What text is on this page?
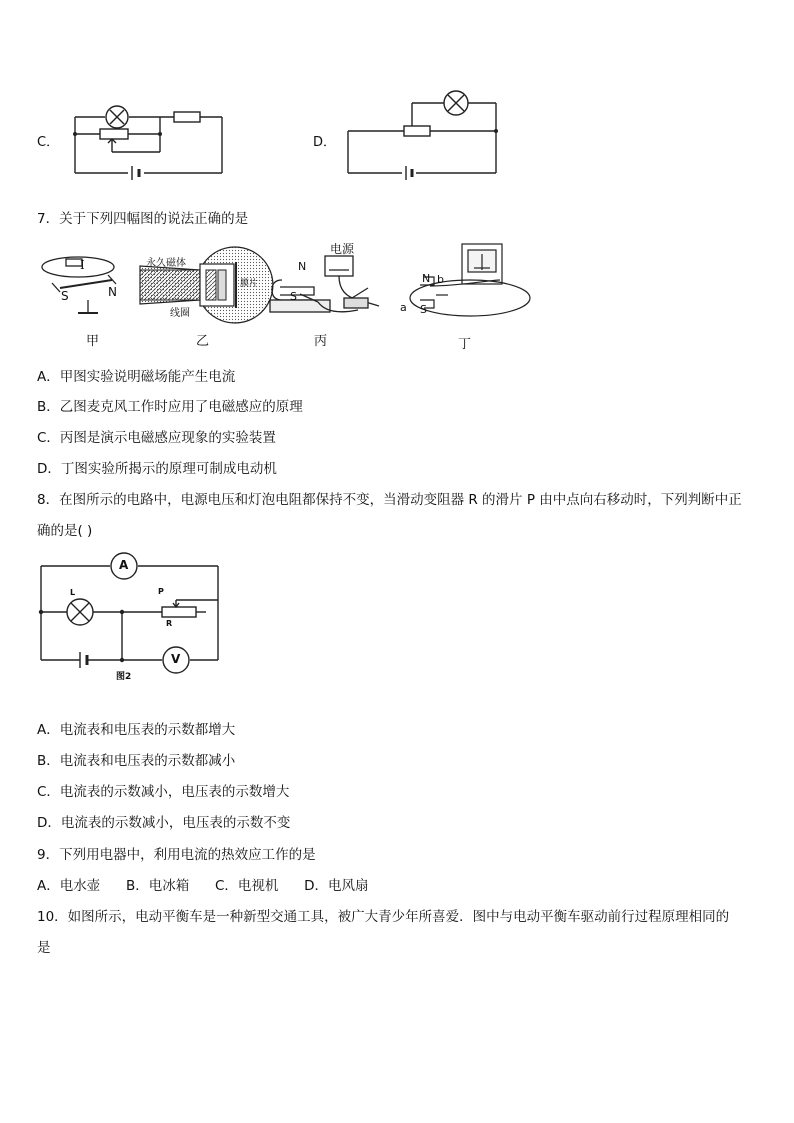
C．	D．
7．关于下列四幅图的说法正确的是
I
S	N
甲
永久磁体
膜片
线圈
乙
电源
N
S
丙
N b
a S
丁
A．甲图实验说明磁场能产生电流
B．乙图麦克风工作时应用了电磁感应的原理
C．丙图是演示电磁感应现象的实验装置
D．丁图实验所揭示的原理可制成电动机
8．在图所示的电路中，电源电压和灯泡电阻都保持不变，当滑动变阻器 R 的滑片 P 由中点向右移动时，下列判断中正
确的是( )
A
V
L	P
R
图2
A．电流表和电压表的示数都增大
B．电流表和电压表的示数都减小
C．电流表的示数减小，电压表的示数增大
D．电流表的示数减小，电压表的示数不变
9．下列用电器中，利用电流的热效应工作的是
A．电水壶      B．电冰箱      C．电视机      D．电风扇
10．如图所示，电动平衡车是一种新型交通工具，被广大青少年所喜爱．图中与电动平衡车驱动前行过程原理相同的
是
